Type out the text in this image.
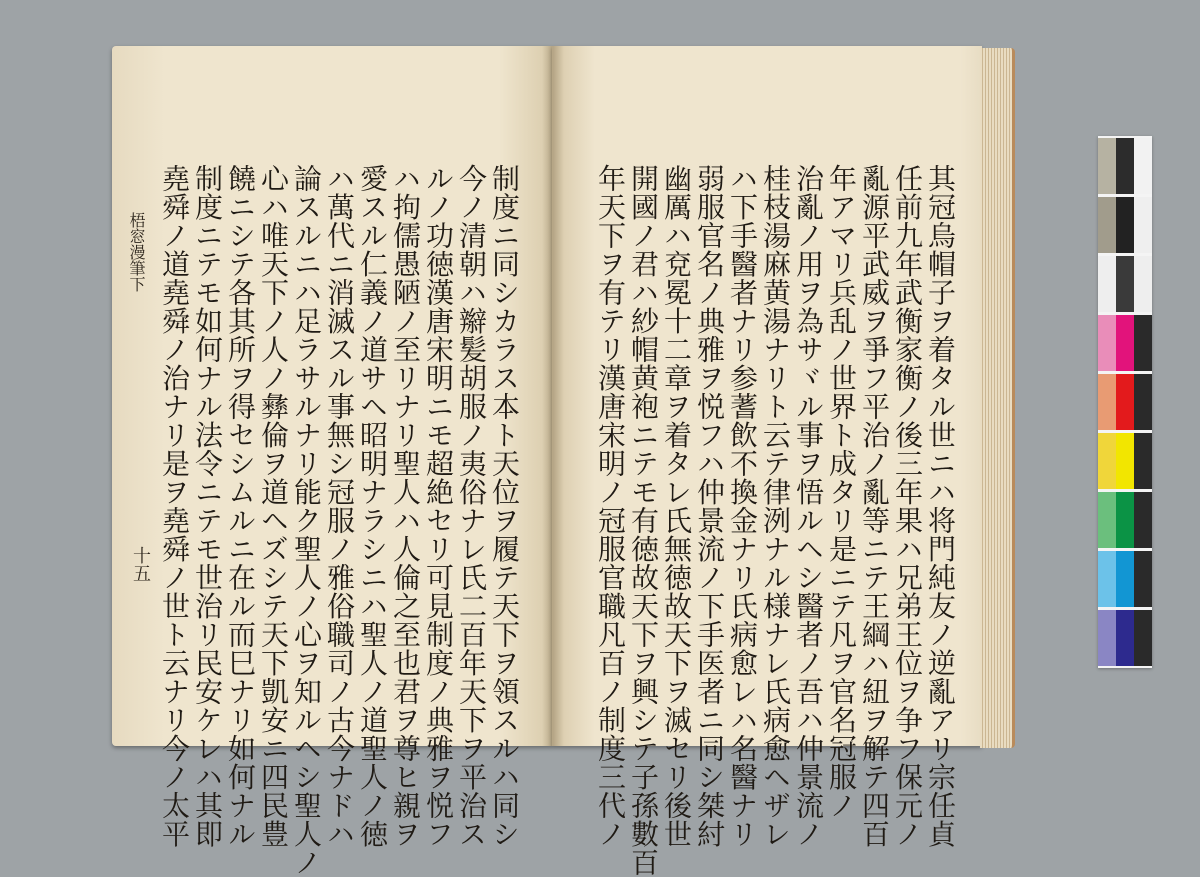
制度ニ同シカラス本ト天位ヲ履テ天下ヲ領スルハ同シ
今ノ清朝ハ辮髪胡服ノ夷俗ナレ氏二百年天下ヲ平治ス
ルノ功徳漢唐宋明ニモ超絶セリ可見制度ノ典雅ヲ悦フ
ハ拘儒愚陋ノ至リナリ聖人ハ人倫之至也君ヲ尊ヒ親ヲ
愛スル仁義ノ道サヘ昭明ナラシニハ聖人ノ道聖人ノ徳
ハ萬代ニ消滅スル事無シ冠服ノ雅俗職司ノ古今ナドハ
論スルニハ足ラサルナリ能ク聖人ノ心ヲ知ルヘシ聖人ノ
心ハ唯天下ノ人ノ彝倫ヲ道ヘズシテ天下凱安ニ四民豊
饒ニシテ各其所ヲ得セシムルニ在ル而巳ナリ如何ナル
制度ニテモ如何ナル法令ニテモ世治リ民安ケレハ其即
堯舜ノ道堯舜ノ治ナリ是ヲ堯舜ノ世ト云ナリ今ノ太平
梧窓漫筆下
十五	其冠烏帽子ヲ着タル世ニハ将門純友ノ逆亂アリ宗任貞
任前九年武衡家衡ノ後三年果ハ兄弟王位ヲ争フ保元ノ
亂源平武威ヲ爭フ平治ノ亂等ニテ王綱ハ紐ヲ解テ四百
年アマリ兵乱ノ世界ト成タリ是ニテ凡ヲ官名冠服ノ
治亂ノ用ヲ為サヾル事ヲ悟ルヘシ醫者ノ吾ハ仲景流ノ
桂枝湯麻黄湯ナリト云テ律洌ナル様ナレ氏病愈ヘザレ
ハ下手醫者ナリ参蓍飲不換金ナリ氏病愈レハ名醫ナリ
弱服官名ノ典雅ヲ悦フハ仲景流ノ下手医者ニ同シ桀紂
幽厲ハ兗冕十二章ヲ着タレ氏無徳故天下ヲ滅セリ後世
開國ノ君ハ紗帽黄袍ニテモ有徳故天下ヲ興シテ子孫數百
年天下ヲ有テリ漢唐宋明ノ冠服官職凡百ノ制度三代ノ
